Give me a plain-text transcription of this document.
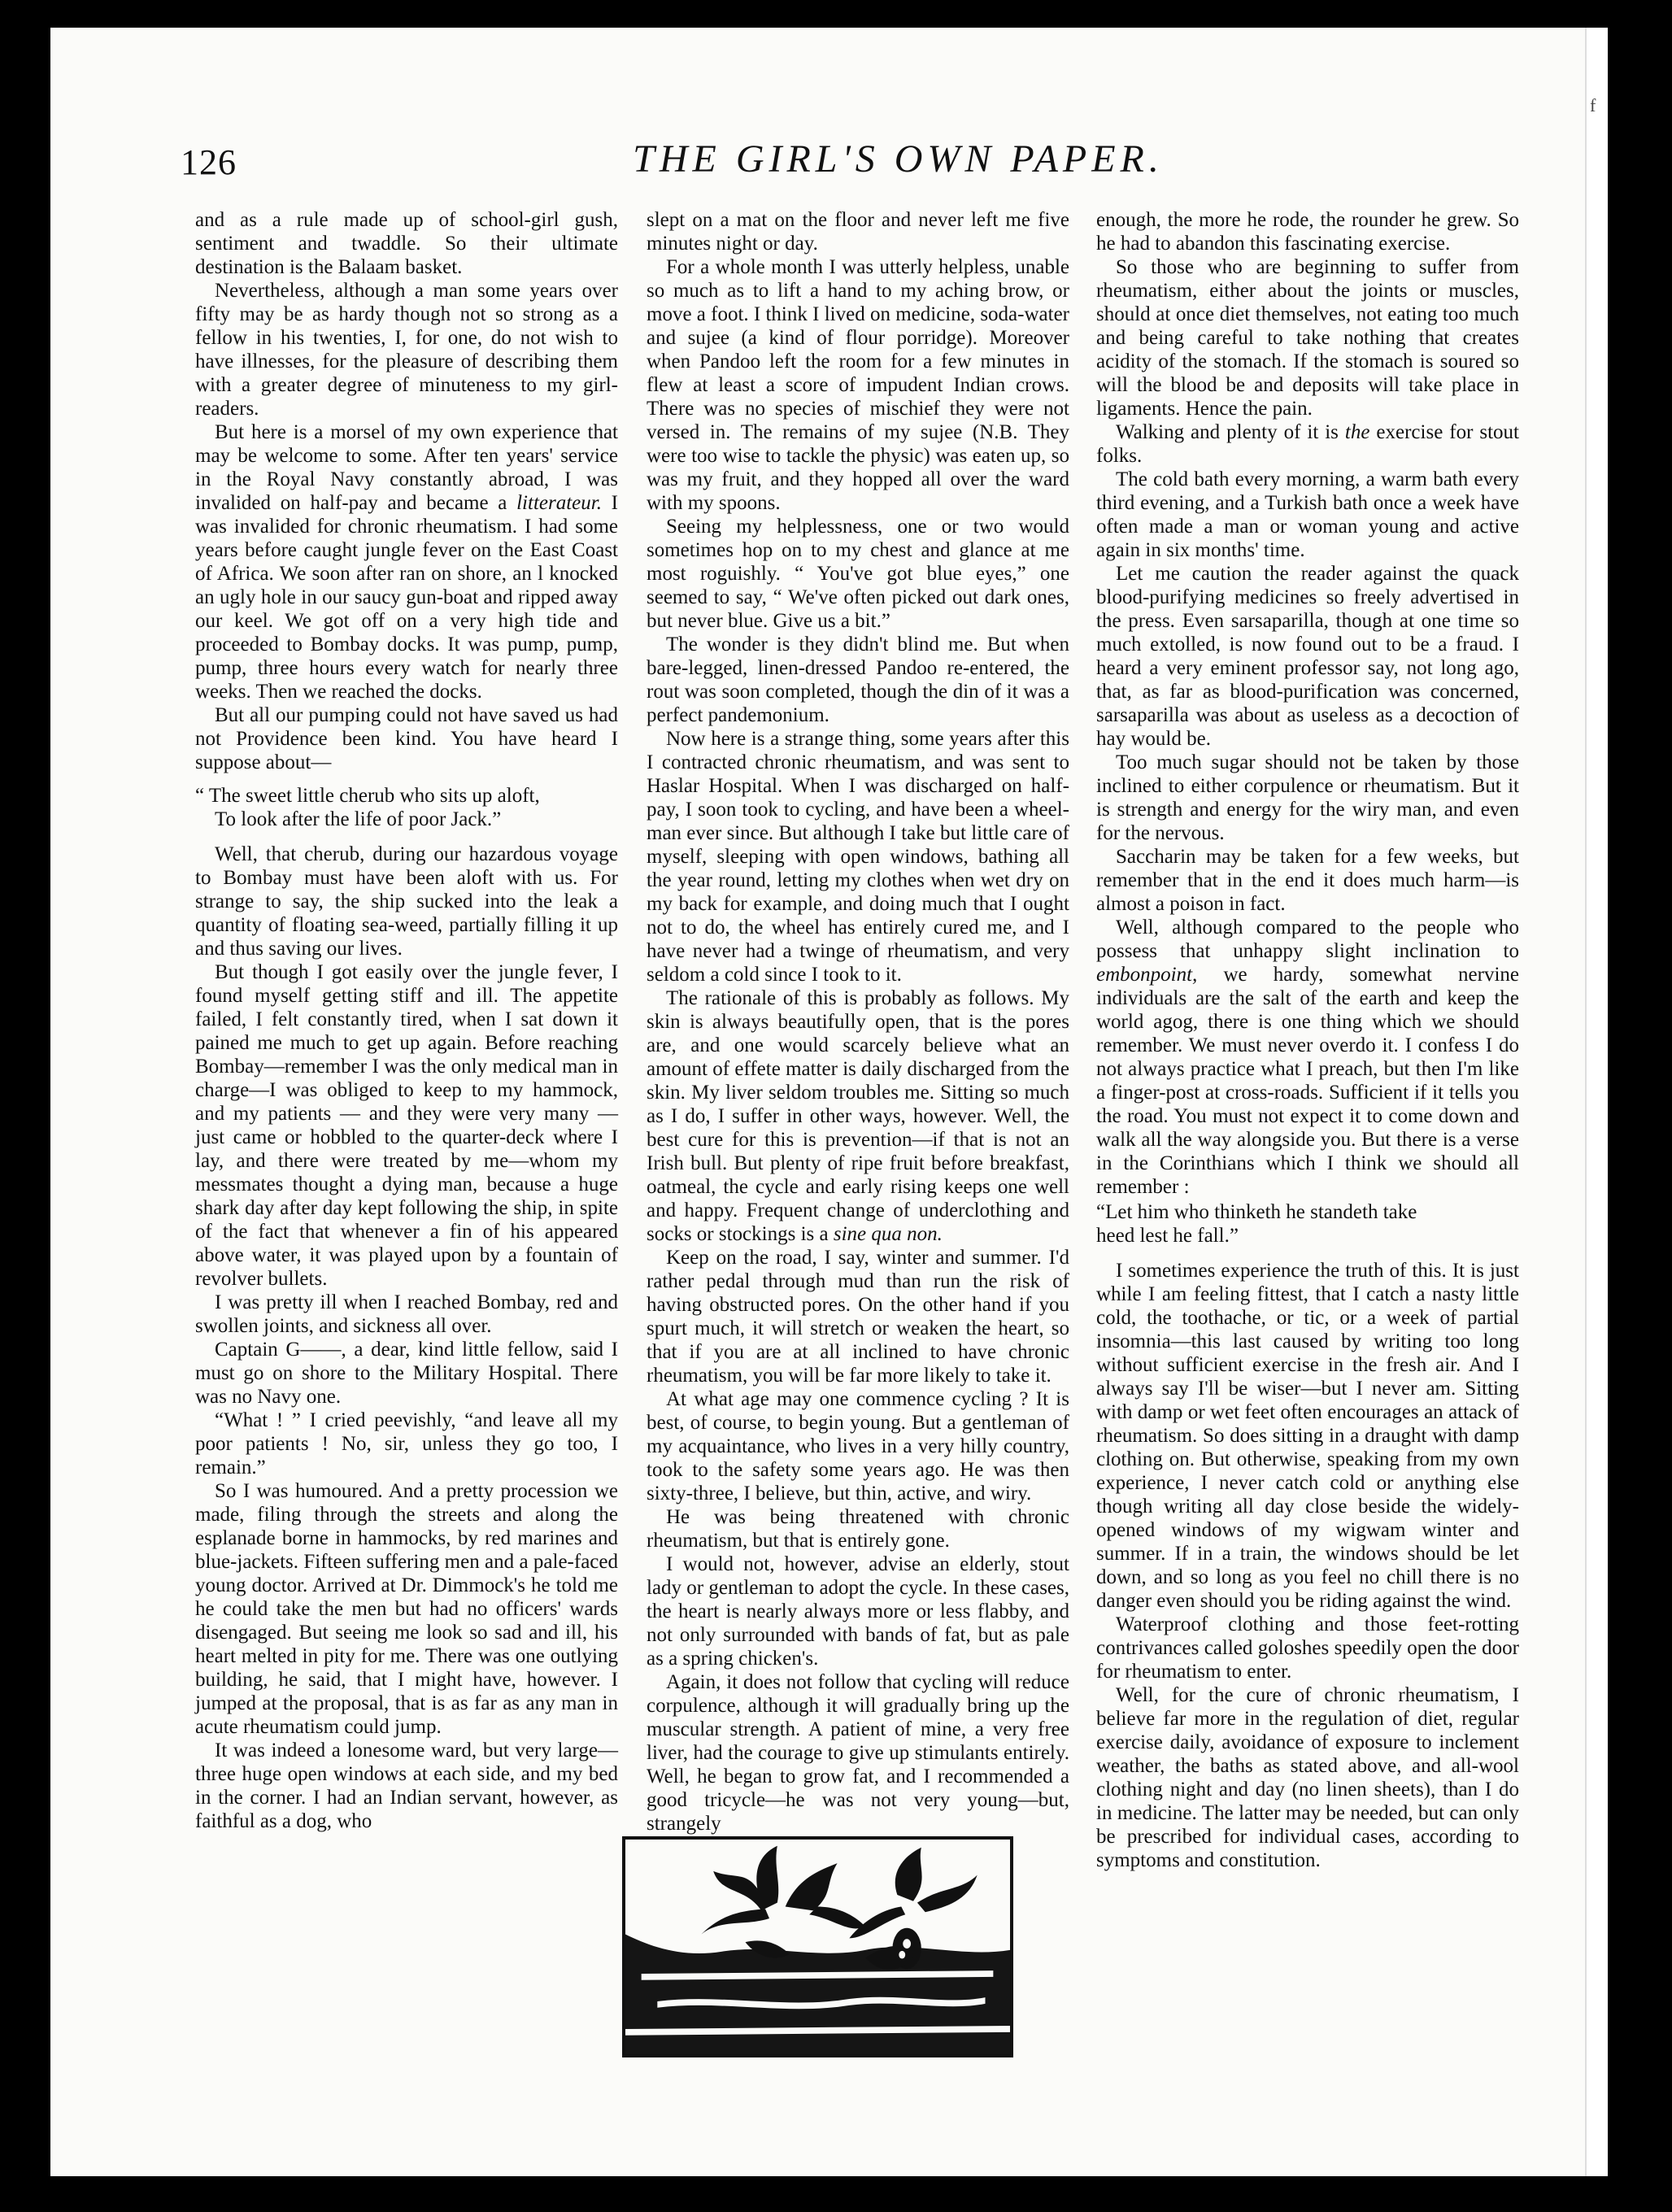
f
126	THE GIRL'S OWN PAPER.

and as a rule made up of school-girl gush, sentiment and twaddle. So their ultimate destination is the Balaam basket.

Nevertheless, although a man some years over fifty may be as hardy though not so strong as a fellow in his twenties, I, for one, do not wish to have illnesses, for the pleasure of describing them with a greater degree of minuteness to my girl-readers.

But here is a morsel of my own experience that may be welcome to some. After ten years' service in the Royal Navy constantly abroad, I was invalided on half-pay and became a litterateur. I was invalided for chronic rheumatism. I had some years before caught jungle fever on the East Coast of Africa. We soon after ran on shore, an l knocked an ugly hole in our saucy gun-boat and ripped away our keel. We got off on a very high tide and proceeded to Bombay docks. It was pump, pump, pump, three hours every watch for nearly three weeks. Then we reached the docks.

But all our pumping could not have saved us had not Providence been kind. You have heard I suppose about—

“ The sweet little cherub who sits up aloft,
To look after the life of poor Jack.”

Well, that cherub, during our hazardous voyage to Bombay must have been aloft with us. For strange to say, the ship sucked into the leak a quantity of floating sea-weed, partially filling it up and thus saving our lives.

But though I got easily over the jungle fever, I found myself getting stiff and ill. The appetite failed, I felt constantly tired, when I sat down it pained me much to get up again. Before reaching Bombay—remember I was the only medical man in charge—I was obliged to keep to my hammock, and my patients — and they were very many — just came or hobbled to the quarter-deck where I lay, and there were treated by me—whom my messmates thought a dying man, because a huge shark day after day kept following the ship, in spite of the fact that whenever a fin of his appeared above water, it was played upon by a fountain of revolver bullets.

I was pretty ill when I reached Bombay, red and swollen joints, and sickness all over.

Captain G——, a dear, kind little fellow, said I must go on shore to the Military Hospital. There was no Navy one.

“What ! ” I cried peevishly, “and leave all my poor patients ! No, sir, unless they go too, I remain.”

So I was humoured. And a pretty procession we made, filing through the streets and along the esplanade borne in hammocks, by red marines and blue-jackets. Fifteen suffering men and a pale-faced young doctor. Arrived at Dr. Dimmock's he told me he could take the men but had no officers' wards disengaged. But seeing me look so sad and ill, his heart melted in pity for me. There was one outlying building, he said, that I might have, however. I jumped at the proposal, that is as far as any man in acute rheumatism could jump.

It was indeed a lonesome ward, but very large—three huge open windows at each side, and my bed in the corner. I had an Indian servant, however, as faithful as a dog, who

slept on a mat on the floor and never left me five minutes night or day.

For a whole month I was utterly helpless, unable so much as to lift a hand to my aching brow, or move a foot. I think I lived on medicine, soda-water and sujee (a kind of flour porridge). Moreover when Pandoo left the room for a few minutes in flew at least a score of impudent Indian crows. There was no species of mischief they were not versed in. The remains of my sujee (N.B. They were too wise to tackle the physic) was eaten up, so was my fruit, and they hopped all over the ward with my spoons.

Seeing my helplessness, one or two would sometimes hop on to my chest and glance at me most roguishly. “ You've got blue eyes,” one seemed to say, “ We've often picked out dark ones, but never blue. Give us a bit.”

The wonder is they didn't blind me. But when bare-legged, linen-dressed Pandoo re-entered, the rout was soon completed, though the din of it was a perfect pandemonium.

Now here is a strange thing, some years after this I contracted chronic rheumatism, and was sent to Haslar Hospital. When I was discharged on half-pay, I soon took to cycling, and have been a wheel-man ever since. But although I take but little care of myself, sleeping with open windows, bathing all the year round, letting my clothes when wet dry on my back for example, and doing much that I ought not to do, the wheel has entirely cured me, and I have never had a twinge of rheumatism, and very seldom a cold since I took to it.

The rationale of this is probably as follows. My skin is always beautifully open, that is the pores are, and one would scarcely believe what an amount of effete matter is daily discharged from the skin. My liver seldom troubles me. Sitting so much as I do, I suffer in other ways, however. Well, the best cure for this is prevention—if that is not an Irish bull. But plenty of ripe fruit before breakfast, oatmeal, the cycle and early rising keeps one well and happy. Frequent change of underclothing and socks or stockings is a sine qua non.

Keep on the road, I say, winter and summer. I'd rather pedal through mud than run the risk of having obstructed pores. On the other hand if you spurt much, it will stretch or weaken the heart, so that if you are at all inclined to have chronic rheumatism, you will be far more likely to take it.

At what age may one commence cycling ? It is best, of course, to begin young. But a gentleman of my acquaintance, who lives in a very hilly country, took to the safety some years ago. He was then sixty-three, I believe, but thin, active, and wiry.

He was being threatened with chronic rheumatism, but that is entirely gone.

I would not, however, advise an elderly, stout lady or gentleman to adopt the cycle. In these cases, the heart is nearly always more or less flabby, and not only surrounded with bands of fat, but as pale as a spring chicken's.

Again, it does not follow that cycling will reduce corpulence, although it will gradually bring up the muscular strength. A patient of mine, a very free liver, had the courage to give up stimulants entirely. Well, he began to grow fat, and I recommended a good tricycle—he was not very young—but, strangely

enough, the more he rode, the rounder he grew. So he had to abandon this fascinating exercise.

So those who are beginning to suffer from rheumatism, either about the joints or muscles, should at once diet themselves, not eating too much and being careful to take nothing that creates acidity of the stomach. If the stomach is soured so will the blood be and deposits will take place in ligaments. Hence the pain.

Walking and plenty of it is the exercise for stout folks.

The cold bath every morning, a warm bath every third evening, and a Turkish bath once a week have often made a man or woman young and active again in six months' time.

Let me caution the reader against the quack blood-purifying medicines so freely advertised in the press. Even sarsaparilla, though at one time so much extolled, is now found out to be a fraud. I heard a very eminent professor say, not long ago, that, as far as blood-purification was concerned, sarsaparilla was about as useless as a decoction of hay would be.

Too much sugar should not be taken by those inclined to either corpulence or rheumatism. But it is strength and energy for the wiry man, and even for the nervous.

Saccharin may be taken for a few weeks, but remember that in the end it does much harm—is almost a poison in fact.

Well, although compared to the people who possess that unhappy slight inclination to embonpoint, we hardy, somewhat nervine individuals are the salt of the earth and keep the world agog, there is one thing which we should remember. We must never overdo it. I confess I do not always practice what I preach, but then I'm like a finger-post at cross-roads. Sufficient if it tells you the road. You must not expect it to come down and walk all the way alongside you. But there is a verse in the Corinthians which I think we should all remember :

“Let him who thinketh he standeth take
heed lest he fall.”

I sometimes experience the truth of this. It is just while I am feeling fittest, that I catch a nasty little cold, the toothache, or tic, or a week of partial insomnia—this last caused by writing too long without sufficient exercise in the fresh air. And I always say I'll be wiser—but I never am. Sitting with damp or wet feet often encourages an attack of rheumatism. So does sitting in a draught with damp clothing on. But otherwise, speaking from my own experience, I never catch cold or anything else though writing all day close beside the widely-opened windows of my wigwam winter and summer. If in a train, the windows should be let down, and so long as you feel no chill there is no danger even should you be riding against the wind.

Waterproof clothing and those feet-rotting contrivances called goloshes speedily open the door for rheumatism to enter.

Well, for the cure of chronic rheumatism, I believe far more in the regulation of diet, regular exercise daily, avoidance of exposure to inclement weather, the baths as stated above, and all-wool clothing night and day (no linen sheets), than I do in medicine. The latter may be needed, but can only be prescribed for individual cases, according to symptoms and constitution.
